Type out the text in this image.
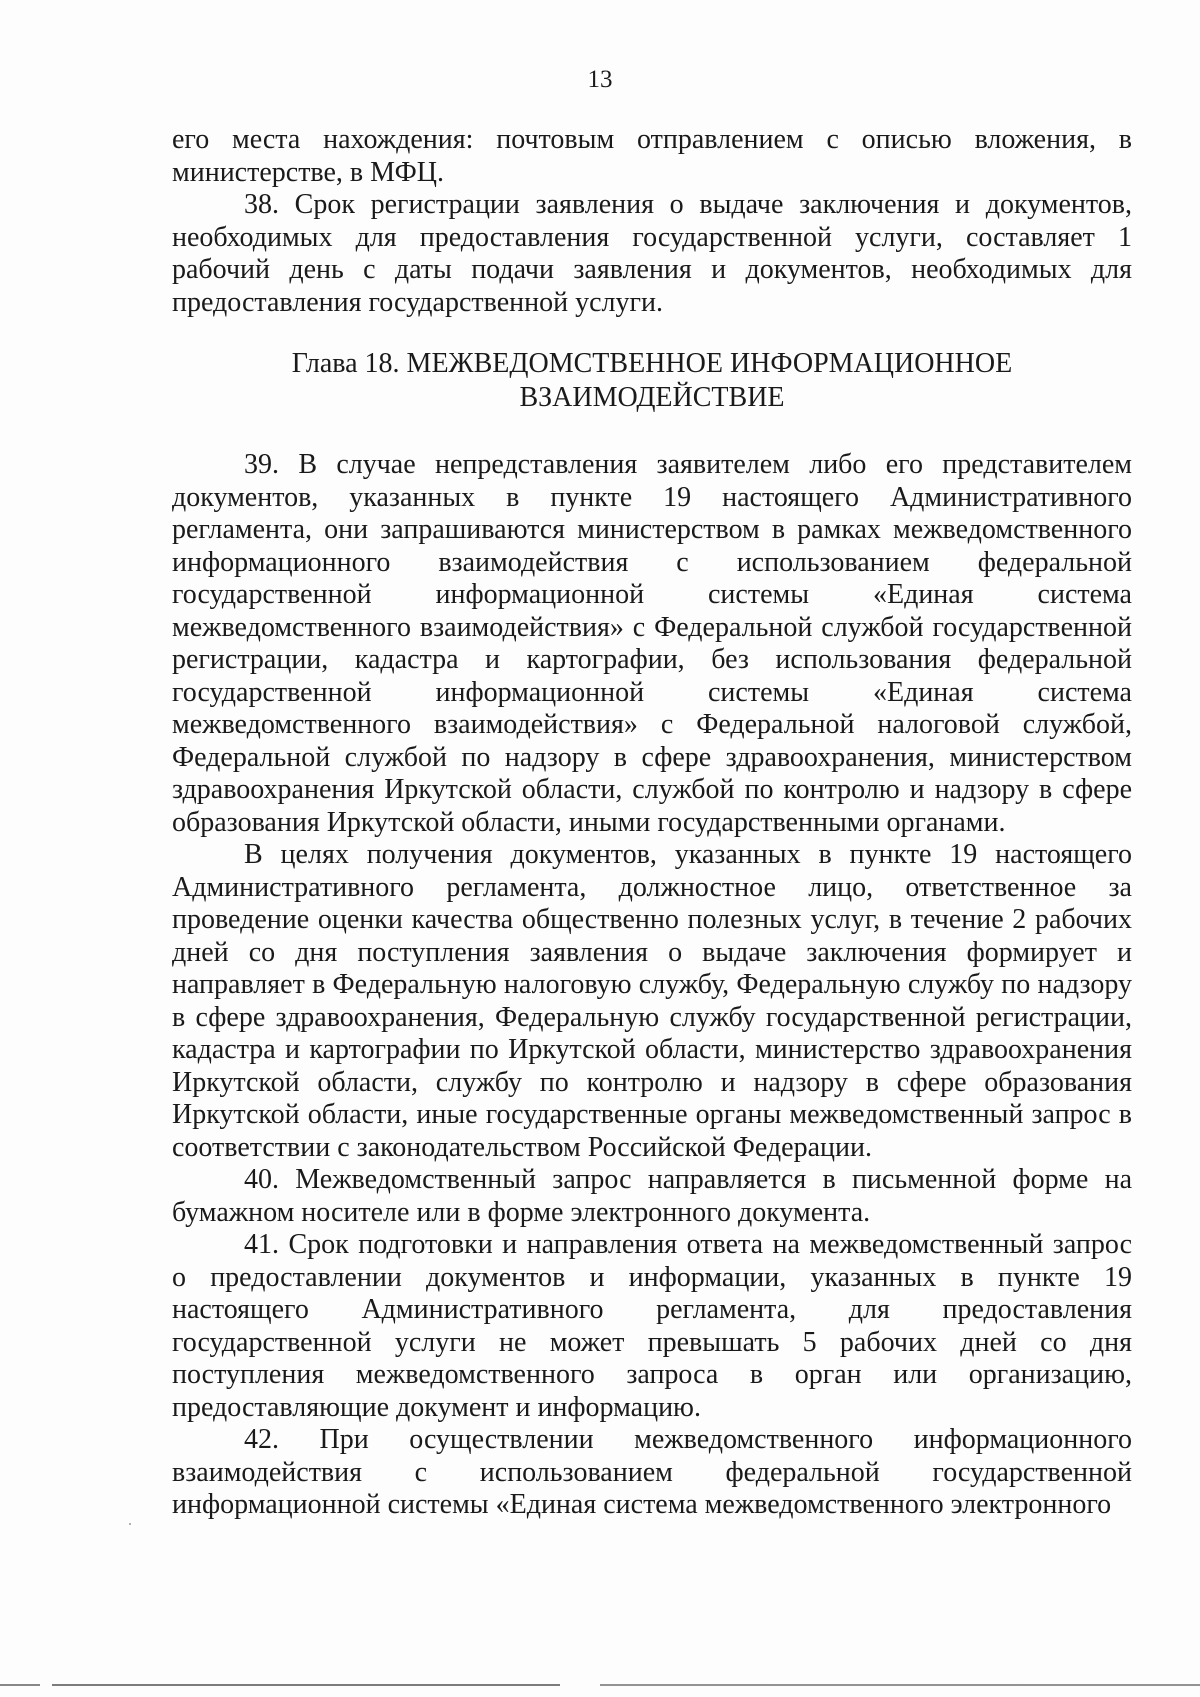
13

его места нахождения: почтовым отправлением с описью вложения, в министерстве, в МФЦ.

38. Срок регистрации заявления о выдаче заключения и документов, необходимых для предоставления государственной услуги, составляет 1 рабочий день с даты подачи заявления и документов, необходимых для предоставления государственной услуги.

Глава 18. МЕЖВЕДОМСТВЕННОЕ ИНФОРМАЦИОННОЕ
ВЗАИМОДЕЙСТВИЕ

39. В случае непредставления заявителем либо его представителем документов, указанных в пункте 19 настоящего Административного регламента, они запрашиваются министерством в рамках межведомственного информационного взаимодействия с использованием федеральной государственной информационной системы «Единая система межведомственного взаимодействия» с Федеральной службой государственной регистрации, кадастра и картографии, без использования федеральной государственной информационной системы «Единая система межведомственного взаимодействия» с Федеральной налоговой службой, Федеральной службой по надзору в сфере здравоохранения, министерством здравоохранения Иркутской области, службой по контролю и надзору в сфере образования Иркутской области, иными государственными органами.

В целях получения документов, указанных в пункте 19 настоящего Административного регламента, должностное лицо, ответственное за проведение оценки качества общественно полезных услуг, в течение 2 рабочих дней со дня поступления заявления о выдаче заключения формирует и направляет в Федеральную налоговую службу, Федеральную службу по надзору в сфере здравоохранения, Федеральную службу государственной регистрации, кадастра и картографии по Иркутской области, министерство здравоохранения Иркутской области, службу по контролю и надзору в сфере образования Иркутской области, иные государственные органы межведомственный запрос в соответствии с законодательством Российской Федерации.

40. Межведомственный запрос направляется в письменной форме на бумажном носителе или в форме электронного документа.

41. Срок подготовки и направления ответа на межведомственный запрос о предоставлении документов и информации, указанных в пункте 19 настоящего Административного регламента, для предоставления государственной услуги не может превышать 5 рабочих дней со дня поступления межведомственного запроса в орган или организацию, предоставляющие документ и информацию.

42. При осуществлении межведомственного информационного взаимодействия с использованием федеральной государственной информационной системы «Единая система межведомственного электронного
